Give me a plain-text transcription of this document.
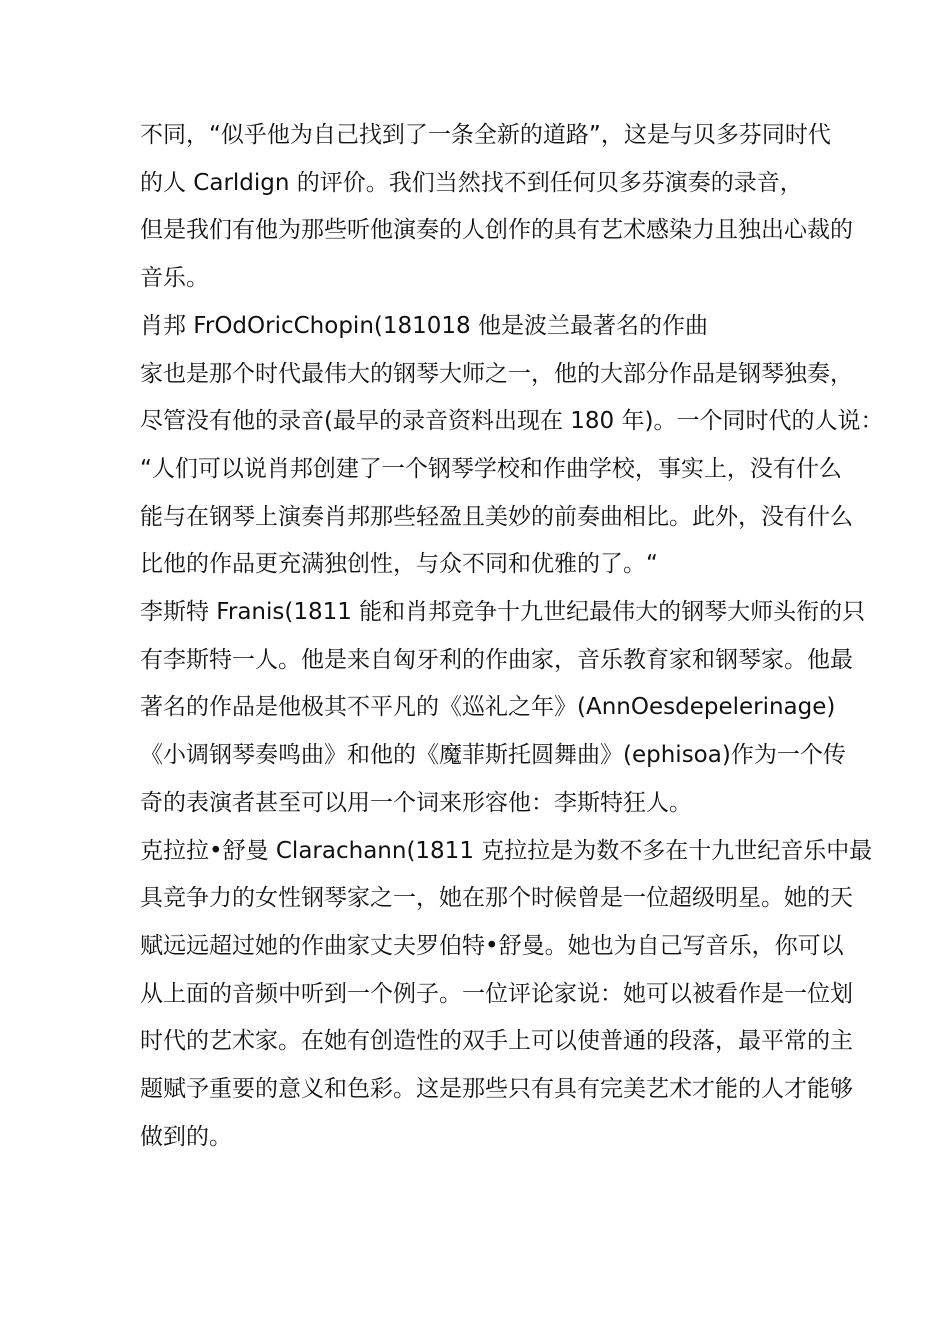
不同，“似乎他为自己找到了一条全新的道路”，这是与贝多芬同时代
的人 Carldign 的评价。我们当然找不到任何贝多芬演奏的录音，
但是我们有他为那些听他演奏的人创作的具有艺术感染力且独出心裁的
音乐。
肖邦 FrOdOricChopin(181018 他是波兰最著名的作曲
家也是那个时代最伟大的钢琴大师之一，他的大部分作品是钢琴独奏，
尽管没有他的录音(最早的录音资料出现在 180 年)。一个同时代的人说：
“人们可以说肖邦创建了一个钢琴学校和作曲学校，事实上，没有什么
能与在钢琴上演奏肖邦那些轻盈且美妙的前奏曲相比。此外，没有什么
比他的作品更充满独创性，与众不同和优雅的了。“
李斯特 Franis(1811 能和肖邦竞争十九世纪最伟大的钢琴大师头衔的只
有李斯特一人。他是来自匈牙利的作曲家，音乐教育家和钢琴家。他最
著名的作品是他极其不平凡的《巡礼之年》(AnnOesdepelerinage)
《小调钢琴奏鸣曲》和他的《魔菲斯托圆舞曲》(ephisoa)作为一个传
奇的表演者甚至可以用一个词来形容他：李斯特狂人。
克拉拉•舒曼 Clarachann(1811 克拉拉是为数不多在十九世纪音乐中最
具竞争力的女性钢琴家之一，她在那个时候曾是一位超级明星。她的天
赋远远超过她的作曲家丈夫罗伯特•舒曼。她也为自己写音乐，你可以
从上面的音频中听到一个例子。一位评论家说：她可以被看作是一位划
时代的艺术家。在她有创造性的双手上可以使普通的段落，最平常的主
题赋予重要的意义和色彩。这是那些只有具有完美艺术才能的人才能够
做到的。
